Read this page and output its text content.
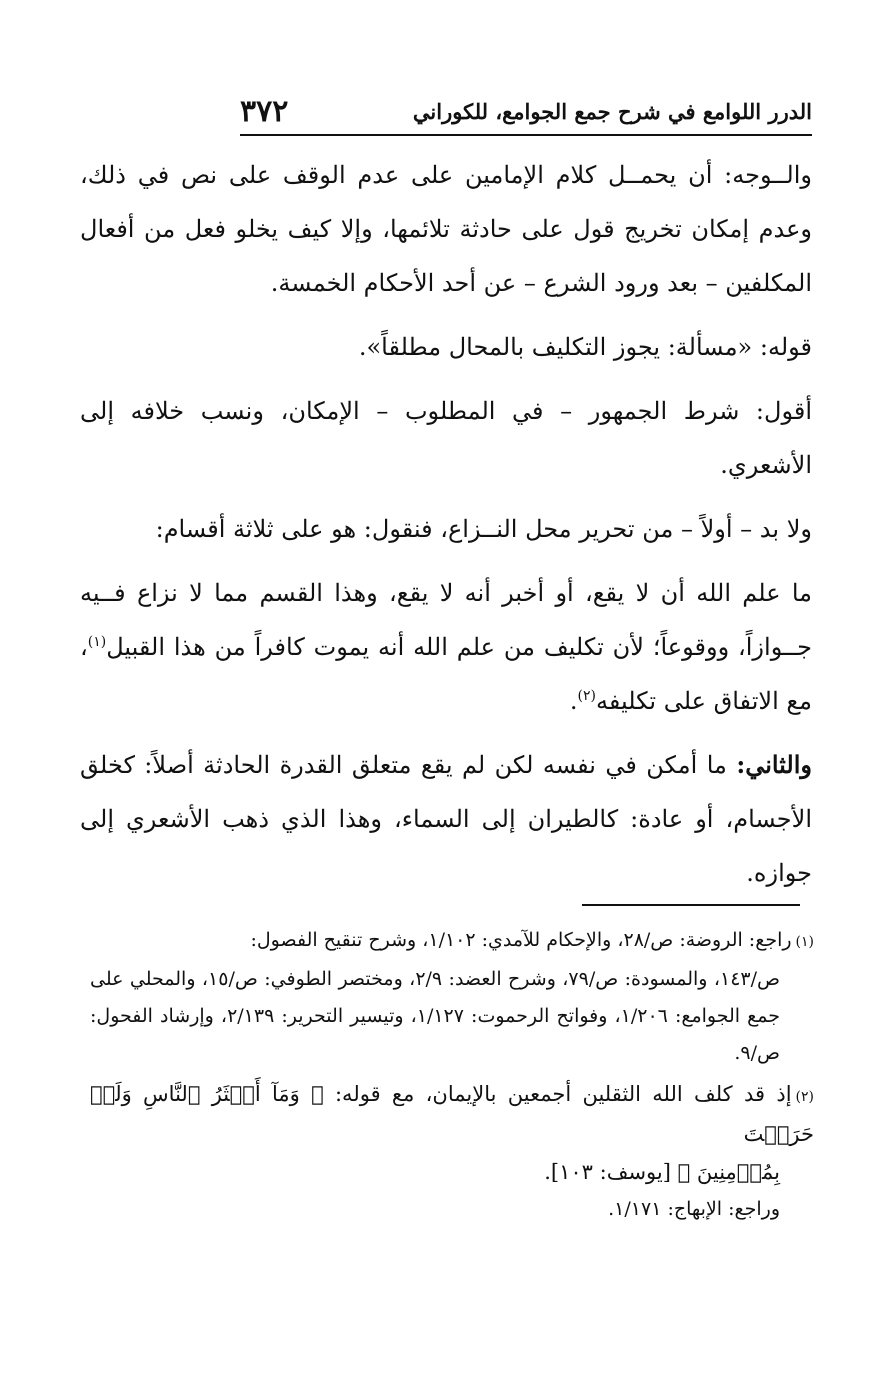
٣٧٢	الدرر اللوامع في شرح جمع الجوامع، للكوراني

والــوجه: أن يحمــل كلام الإمامين على عدم الوقف على نص في ذلك، وعدم إمكان تخريج قول على حادثة تلائمها، وإلا كيف يخلو فعل من أفعال المكلفين – بعد ورود الشرع – عن أحد الأحكام الخمسة.

قوله: «مسألة: يجوز التكليف بالمحال مطلقاً».

أقول: شرط الجمهور – في المطلوب – الإمكان، ونسب خلافه إلى الأشعري.

ولا بد – أولاً – من تحرير محل النــزاع، فنقول: هو على ثلاثة أقسام:

ما علم الله أن لا يقع، أو أخبر أنه لا يقع، وهذا القسم مما لا نزاع فــيه جــوازاً، ووقوعاً؛ لأن تكليف من علم الله أنه يموت كافراً من هذا القبيل$^{(١)}$، مع الاتفاق على تكليفه$^{(٢)}$.

والثاني: ما أمكن في نفسه لكن لم يقع متعلق القدرة الحادثة أصلاً: كخلق الأجسام، أو عادة: كالطيران إلى السماء، وهذا الذي ذهب الأشعري إلى جوازه.

(١)راجع: الروضة: ص/٢٨، والإحكام للآمدي: ١/١٠٢، وشرح تنقيح الفصول:
ص/١٤٣، والمسودة: ص/٧٩، وشرح العضد: ٢/٩، ومختصر الطوفي: ص/١٥، والمحلي على جمع الجوامع: ١/٢٠٦، وفواتح الرحموت: ١/١٢٧، وتيسير التحرير: ٢/١٣٩، وإرشاد الفحول: ص/٩.
(٢)إذ قد كلف الله الثقلين أجمعين بالإيمان، مع قوله: ﴿ وَمَآ أَكۡثَرُ ٱلنَّاسِ وَلَوۡ حَرَصۡتَ
بِمُؤۡمِنِينَ ﴾ [يوسف: ١٠٣].
وراجع: الإبهاج: ١/١٧١.
